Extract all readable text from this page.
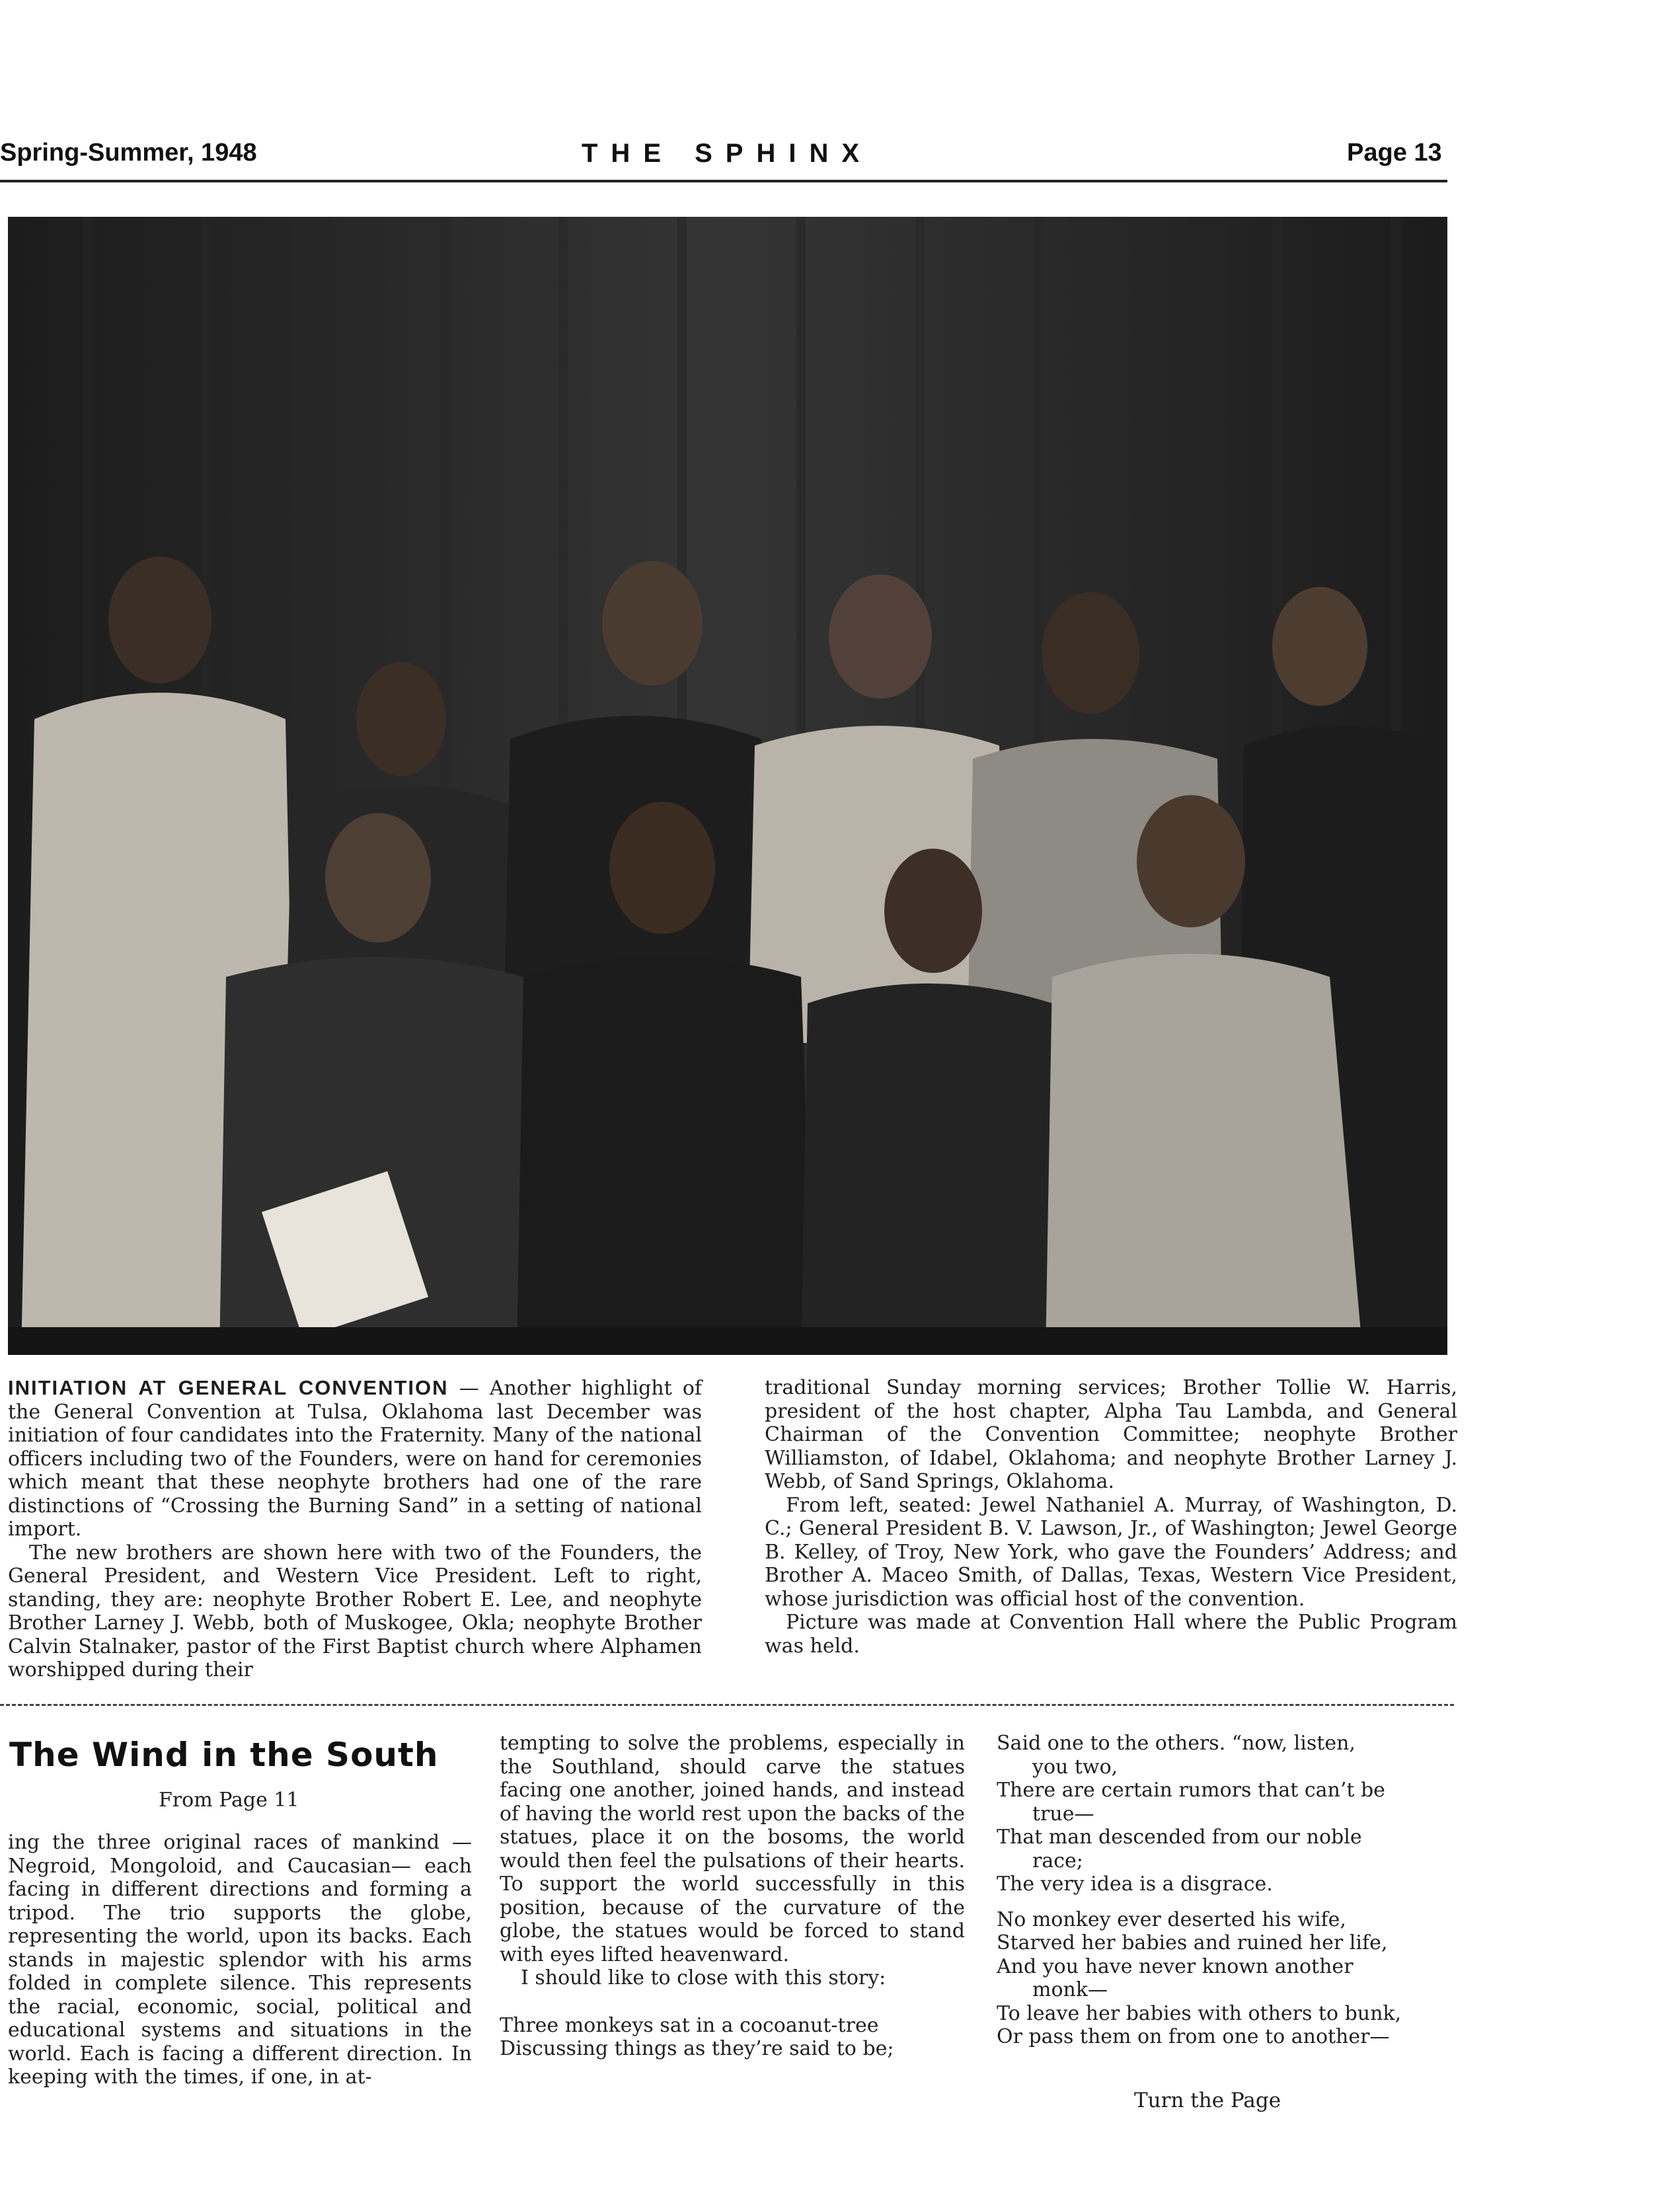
Spring-Summer, 1948	THE SPHINX	Page 13

INITIATION AT GENERAL CONVENTION — Another highlight of the General Convention at Tulsa, Oklahoma last December was initiation of four candidates into the Fraternity. Many of the national officers including two of the Founders, were on hand for ceremonies which meant that these neophyte brothers had one of the rare distinctions of “Crossing the Burning Sand” in a setting of national import.

The new brothers are shown here with two of the Founders, the General President, and Western Vice President. Left to right, standing, they are: neophyte Brother Robert E. Lee, and neophyte Brother Larney J. Webb, both of Muskogee, Okla; neophyte Brother Calvin Stalnaker, pastor of the First Baptist church where Alphamen worshipped during their

traditional Sunday morning services; Brother Tollie W. Harris, president of the host chapter, Alpha Tau Lambda, and General Chairman of the Convention Committee; neophyte Brother Williamston, of Idabel, Oklahoma; and neophyte Brother Larney J. Webb, of Sand Springs, Oklahoma.

From left, seated: Jewel Nathaniel A. Murray, of Washington, D. C.; General President B. V. Lawson, Jr., of Washington; Jewel George B. Kelley, of Troy, New York, who gave the Founders’ Address; and Brother A. Maceo Smith, of Dallas, Texas, Western Vice President, whose jurisdiction was official host of the convention.

Picture was made at Convention Hall where the Public Program was held.

The Wind in the South
From Page 11

ing the three original races of mankind —Negroid, Mongoloid, and Caucasian— each facing in different directions and forming a tripod. The trio supports the globe, representing the world, upon its backs. Each stands in majestic splendor with his arms folded in complete silence. This represents the racial, economic, social, political and educational systems and situations in the world. Each is facing a different direction. In keeping with the times, if one, in at-

tempting to solve the problems, especially in the Southland, should carve the statues facing one another, joined hands, and instead of having the world rest upon the backs of the statues, place it on the bosoms, the world would then feel the pulsations of their hearts. To support the world successfully in this position, because of the curvature of the globe, the statues would be forced to stand with eyes lifted heavenward.

I should like to close with this story:

Three monkeys sat in a cocoanut-tree
Discussing things as they’re said to be;

Said one to the others. “now, listen,
you two,
There are certain rumors that can’t be
true—
That man descended from our noble
race;
The very idea is a disgrace.

No monkey ever deserted his wife,
Starved her babies and ruined her life,
And you have never known another
monk—
To leave her babies with others to bunk,
Or pass them on from one to another—

Turn the Page
